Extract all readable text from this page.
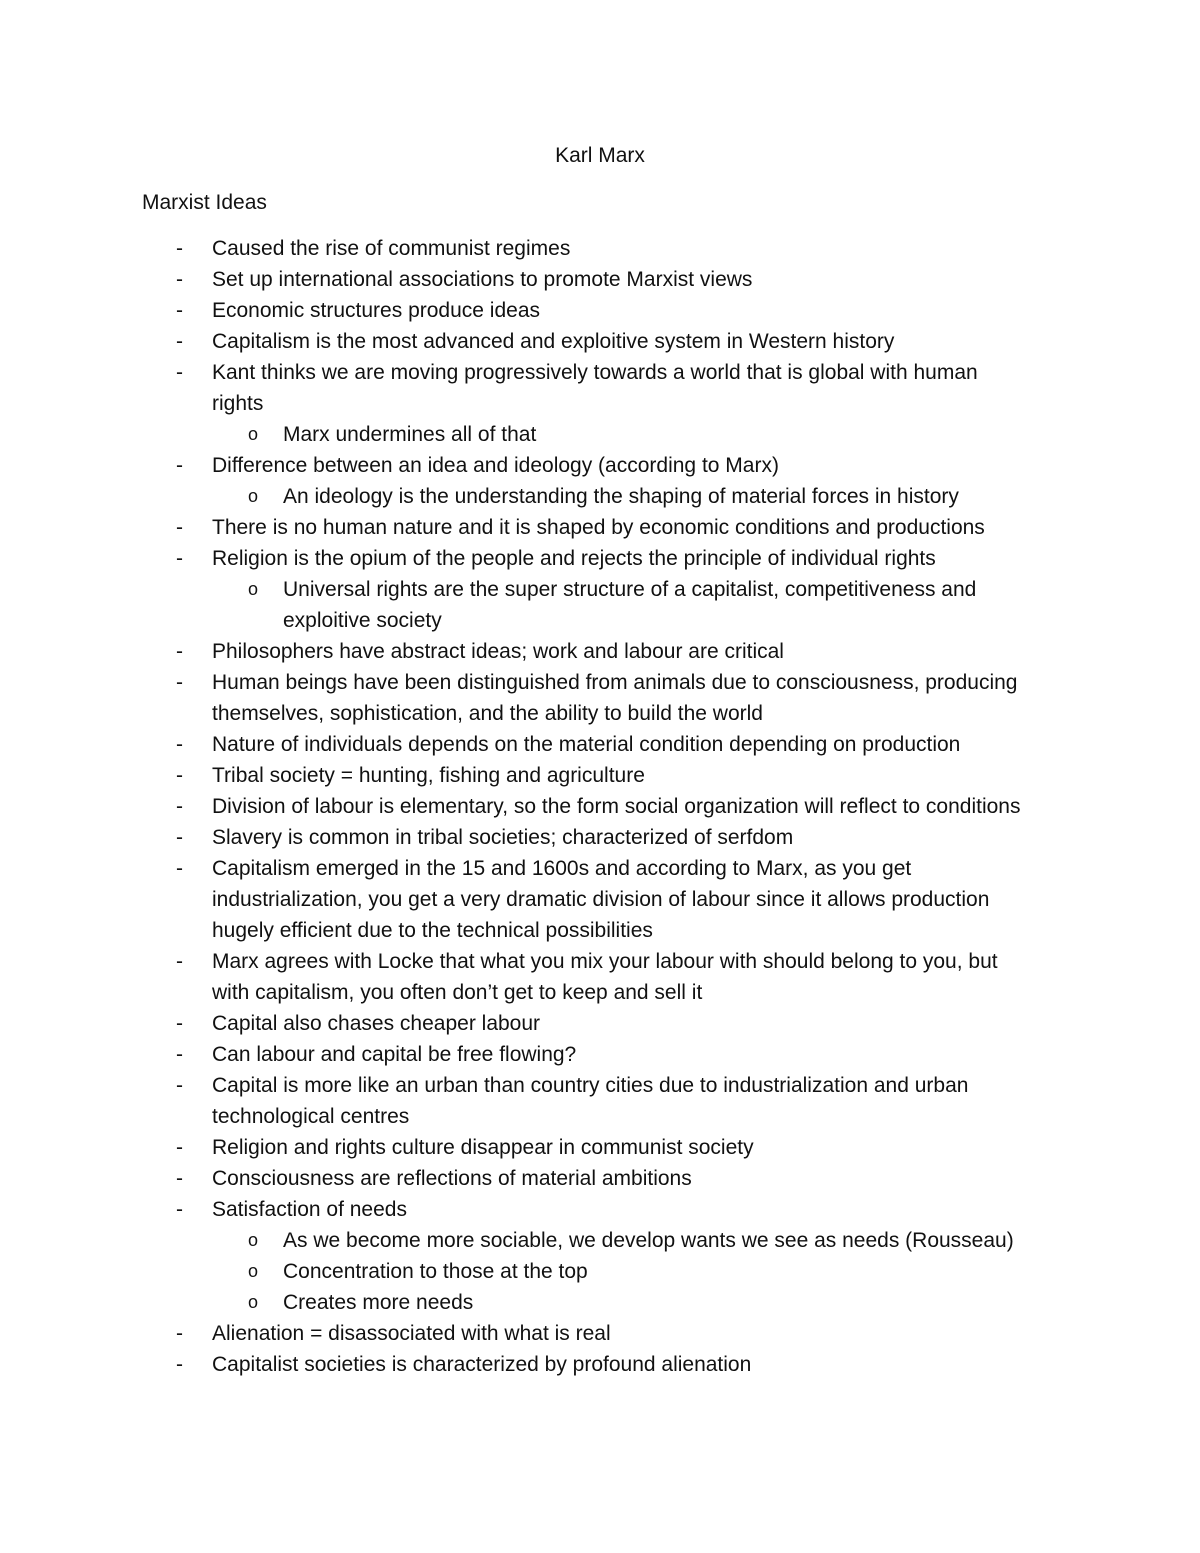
Karl Marx
Marxist Ideas
-	Caused the rise of communist regimes
-	Set up international associations to promote Marxist views
-	Economic structures produce ideas
-	Capitalism is the most advanced and exploitive system in Western history
-	Kant thinks we are moving progressively towards a world that is global with human
rights
o	Marx undermines all of that
-	Difference between an idea and ideology (according to Marx)
o	An ideology is the understanding the shaping of material forces in history
-	There is no human nature and it is shaped by economic conditions and productions
-	Religion is the opium of the people and rejects the principle of individual rights
o	Universal rights are the super structure of a capitalist, competitiveness and
exploitive society
-	Philosophers have abstract ideas; work and labour are critical
-	Human beings have been distinguished from animals due to consciousness, producing
themselves, sophistication, and the ability to build the world
-	Nature of individuals depends on the material condition depending on production
-	Tribal society = hunting, fishing and agriculture
-	Division of labour is elementary, so the form social organization will reflect to conditions
-	Slavery is common in tribal societies; characterized of serfdom
-	Capitalism emerged in the 15 and 1600s and according to Marx, as you get
industrialization, you get a very dramatic division of labour since it allows production
hugely efficient due to the technical possibilities
-	Marx agrees with Locke that what you mix your labour with should belong to you, but
with capitalism, you often don’t get to keep and sell it
-	Capital also chases cheaper labour
-	Can labour and capital be free flowing?
-	Capital is more like an urban than country cities due to industrialization and urban
technological centres
-	Religion and rights culture disappear in communist society
-	Consciousness are reflections of material ambitions
-	Satisfaction of needs
o	As we become more sociable, we develop wants we see as needs (Rousseau)
o	Concentration to those at the top
o	Creates more needs
-	Alienation = disassociated with what is real
-	Capitalist societies is characterized by profound alienation
